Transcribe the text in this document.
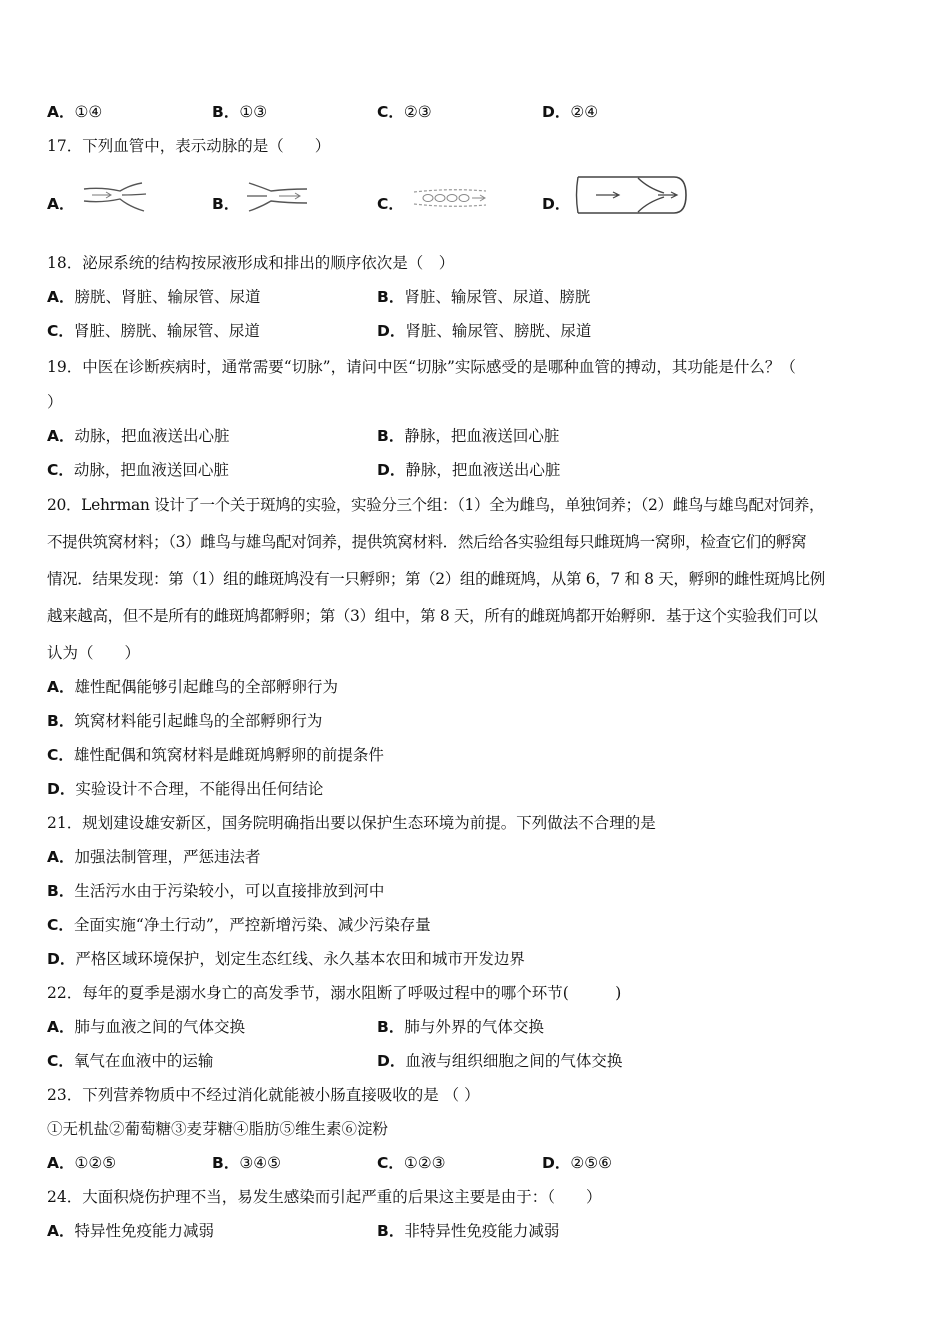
A．①④	B．①③	C．②③	D．②④
17．下列血管中，表示动脉的是（　　）
A．	B．	C．	D．
18．泌尿系统的结构按尿液形成和排出的顺序依次是（　）
A．膀胱、肾脏、输尿管、尿道	B．肾脏、输尿管、尿道、膀胱
C．肾脏、膀胱、输尿管、尿道	D．肾脏、输尿管、膀胱、尿道
19．中医在诊断疾病时，通常需要“切脉”，请问中医“切脉”实际感受的是哪种血管的搏动，其功能是什么？（
）
A．动脉，把血液送出心脏	B．静脉，把血液送回心脏
C．动脉，把血液送回心脏	D．静脉，把血液送出心脏
20．Lehrman 设计了一个关于斑鸠的实验，实验分三个组：（1）全为雌鸟，单独饲养；（2）雌鸟与雄鸟配对饲养，
不提供筑窝材料；（3）雌鸟与雄鸟配对饲养，提供筑窝材料．然后给各实验组每只雌斑鸠一窝卵，检查它们的孵窝
情况．结果发现：第（1）组的雌斑鸠没有一只孵卵；第（2）组的雌斑鸠，从第 6，7 和 8 天，孵卵的雌性斑鸠比例
越来越高，但不是所有的雌斑鸠都孵卵；第（3）组中，第 8 天，所有的雌斑鸠都开始孵卵．基于这个实验我们可以
认为（　　）
A．雄性配偶能够引起雌鸟的全部孵卵行为
B．筑窝材料能引起雌鸟的全部孵卵行为
C．雄性配偶和筑窝材料是雌斑鸠孵卵的前提条件
D．实验设计不合理，不能得出任何结论
21．规划建设雄安新区，国务院明确指出要以保护生态环境为前提。下列做法不合理的是
A．加强法制管理，严惩违法者
B．生活污水由于污染较小，可以直接排放到河中
C．全面实施“净土行动”，严控新增污染、减少污染存量
D．严格区域环境保护，划定生态红线、永久基本农田和城市开发边界
22．每年的夏季是溺水身亡的高发季节，溺水阻断了呼吸过程中的哪个环节(　　　)
A．肺与血液之间的气体交换	B．肺与外界的气体交换
C．氧气在血液中的运输	D．血液与组织细胞之间的气体交换
23．下列营养物质中不经过消化就能被小肠直接吸收的是 （ ）
①无机盐②葡萄糖③麦芽糖④脂肪⑤维生素⑥淀粉
A．①②⑤	B．③④⑤	C．①②③	D．②⑤⑥
24．大面积烧伤护理不当，易发生感染而引起严重的后果这主要是由于：（　　）
A．特异性免疫能力减弱	B．非特异性免疫能力减弱
